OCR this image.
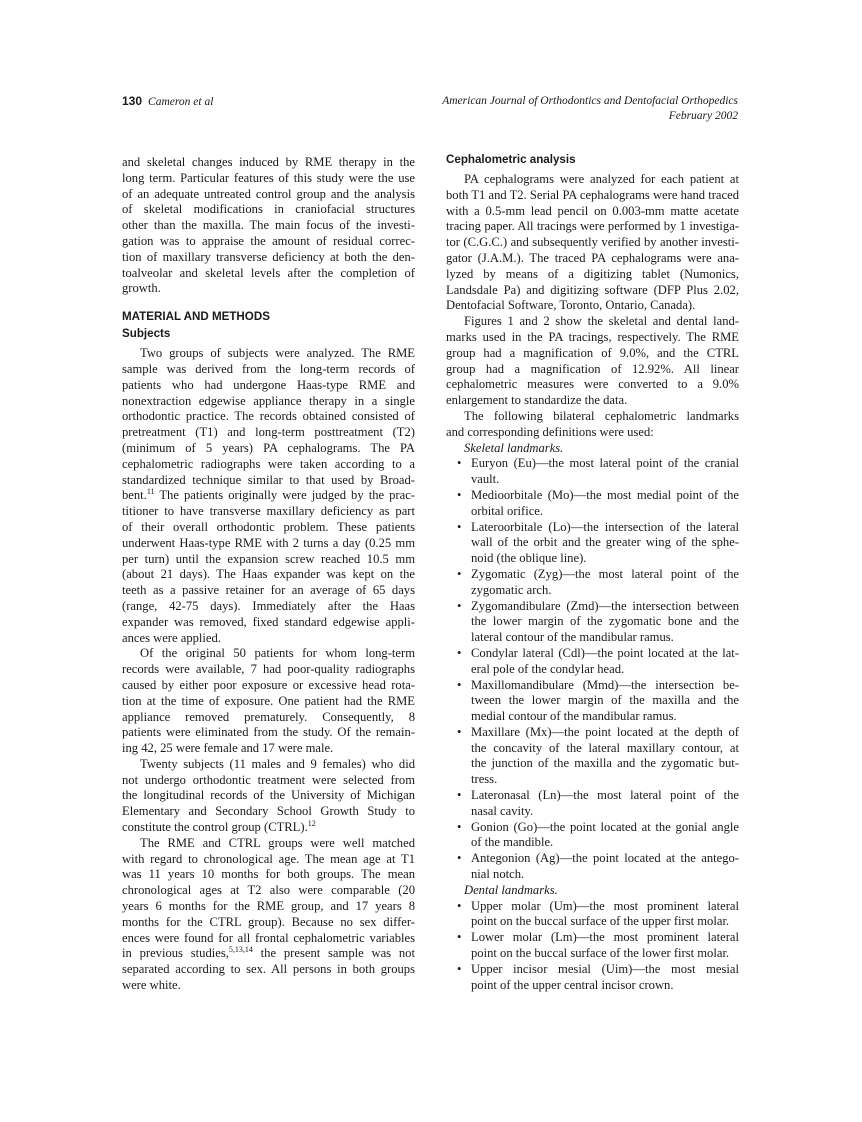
130 Cameron et al	American Journal of Orthodontics and Dentofacial Orthopedics
February 2002
and skeletal changes induced by RME therapy in the
long term. Particular features of this study were the use
of an adequate untreated control group and the analysis
of skeletal modifications in craniofacial structures
other than the maxilla. The main focus of the investi-
gation was to appraise the amount of residual correc-
tion of maxillary transverse deficiency at both the den-
toalveolar and skeletal levels after the completion of
growth.
MATERIAL AND METHODS
Subjects
Two groups of subjects were analyzed. The RME
sample was derived from the long-term records of
patients who had undergone Haas-type RME and
nonextraction edgewise appliance therapy in a single
orthodontic practice. The records obtained consisted of
pretreatment (T1) and long-term posttreatment (T2)
(minimum of 5 years) PA cephalograms. The PA
cephalometric radiographs were taken according to a
standardized technique similar to that used by Broad-
bent.$^{11}$ The patients originally were judged by the prac-
titioner to have transverse maxillary deficiency as part
of their overall orthodontic problem. These patients
underwent Haas-type RME with 2 turns a day (0.25 mm
per turn) until the expansion screw reached 10.5 mm
(about 21 days). The Haas expander was kept on the
teeth as a passive retainer for an average of 65 days
(range, 42-75 days). Immediately after the Haas
expander was removed, fixed standard edgewise appli-
ances were applied.
Of the original 50 patients for whom long-term
records were available, 7 had poor-quality radiographs
caused by either poor exposure or excessive head rota-
tion at the time of exposure. One patient had the RME
appliance removed prematurely. Consequently, 8
patients were eliminated from the study. Of the remain-
ing 42, 25 were female and 17 were male.
Twenty subjects (11 males and 9 females) who did
not undergo orthodontic treatment were selected from
the longitudinal records of the University of Michigan
Elementary and Secondary School Growth Study to
constitute the control group (CTRL).$^{12}$
The RME and CTRL groups were well matched
with regard to chronological age. The mean age at T1
was 11 years 10 months for both groups. The mean
chronological ages at T2 also were comparable (20
years 6 months for the RME group, and 17 years 8
months for the CTRL group). Because no sex differ-
ences were found for all frontal cephalometric variables
in previous studies,$^{5,13,14}$ the present sample was not
separated according to sex. All persons in both groups
were white.
Cephalometric analysis
PA cephalograms were analyzed for each patient at
both T1 and T2. Serial PA cephalograms were hand traced
with a 0.5-mm lead pencil on 0.003-mm matte acetate
tracing paper. All tracings were performed by 1 investiga-
tor (C.G.C.) and subsequently verified by another investi-
gator (J.A.M.). The traced PA cephalograms were ana-
lyzed by means of a digitizing tablet (Numonics,
Landsdale Pa) and digitizing software (DFP Plus 2.02,
Dentofacial Software, Toronto, Ontario, Canada).
Figures 1 and 2 show the skeletal and dental land-
marks used in the PA tracings, respectively. The RME
group had a magnification of 9.0%, and the CTRL
group had a magnification of 12.92%. All linear
cephalometric measures were converted to a 9.0%
enlargement to standardize the data.
The following bilateral cephalometric landmarks
and corresponding definitions were used:
Skeletal landmarks.
• Euryon (Eu)—the most lateral point of the cranial
vault.
• Medioorbitale (Mo)—the most medial point of the
orbital orifice.
• Lateroorbitale (Lo)—the intersection of the lateral
wall of the orbit and the greater wing of the sphe-
noid (the oblique line).
• Zygomatic (Zyg)—the most lateral point of the
zygomatic arch.
• Zygomandibulare (Zmd)—the intersection between
the lower margin of the zygomatic bone and the
lateral contour of the mandibular ramus.
• Condylar lateral (Cdl)—the point located at the lat-
eral pole of the condylar head.
• Maxillomandibulare (Mmd)—the intersection be-
tween the lower margin of the maxilla and the
medial contour of the mandibular ramus.
• Maxillare (Mx)—the point located at the depth of
the concavity of the lateral maxillary contour, at
the junction of the maxilla and the zygomatic but-
tress.
• Lateronasal (Ln)—the most lateral point of the
nasal cavity.
• Gonion (Go)—the point located at the gonial angle
of the mandible.
• Antegonion (Ag)—the point located at the antego-
nial notch.
Dental landmarks.
• Upper molar (Um)—the most prominent lateral
point on the buccal surface of the upper first molar.
• Lower molar (Lm)—the most prominent lateral
point on the buccal surface of the lower first molar.
• Upper incisor mesial (Uim)—the most mesial
point of the upper central incisor crown.
